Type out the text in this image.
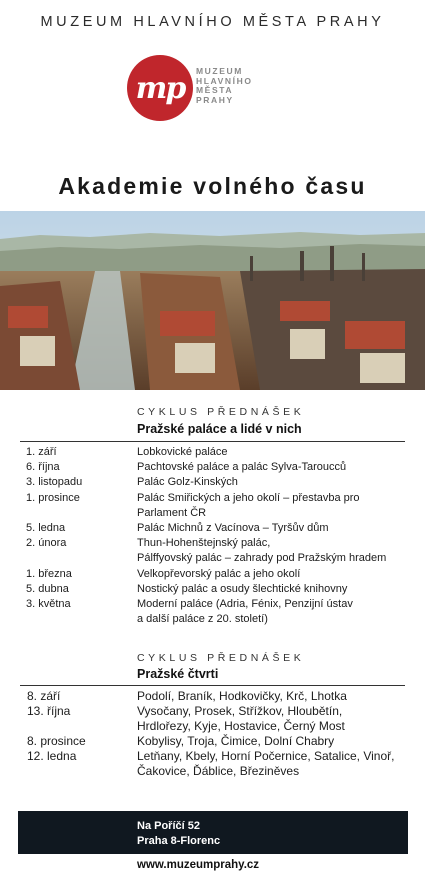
MUZEUM HLAVNÍHO MĚSTA PRAHY
mp	MUZEUM
HLAVNÍHO
MĚSTA
PRAHY
Akademie volného času
CYKLUS PŘEDNÁŠEK
Pražské paláce a lidé v nich
1. září	Lobkovické paláce
6. října	Pachtovské paláce a palác Sylva-Taroucců
3. listopadu	Palác Golz-Kinských
1. prosince	Palác Smiřických a jeho okolí – přestavba pro
Parlament ČR
5. ledna	Palác Michnů z Vacínova – Tyršův dům
2. února	Thun-Hohenštejnský palác,
Pálffyovský palác – zahrady pod Pražským hradem
1. března	Velkopřevorský palác a jeho okolí
5. dubna	Nostický palác a osudy šlechtické knihovny
3. května	Moderní paláce (Adria, Fénix, Penzijní ústav
a další paláce z 20. století)
CYKLUS PŘEDNÁŠEK
Pražské čtvrti
8. září	Podolí, Braník, Hodkovičky, Krč, Lhotka
13. října	Vysočany, Prosek, Střížkov, Hloubětín,
Hrdlořezy, Kyje, Hostavice, Černý Most
8. prosince	Kobylisy, Troja, Čimice, Dolní Chabry
12. ledna	Letňany, Kbely, Horní Počernice, Satalice, Vinoř,
Čakovice, Ďáblice, Březiněves
Na Poříčí 52
Praha 8-Florenc
www.muzeumprahy.cz
